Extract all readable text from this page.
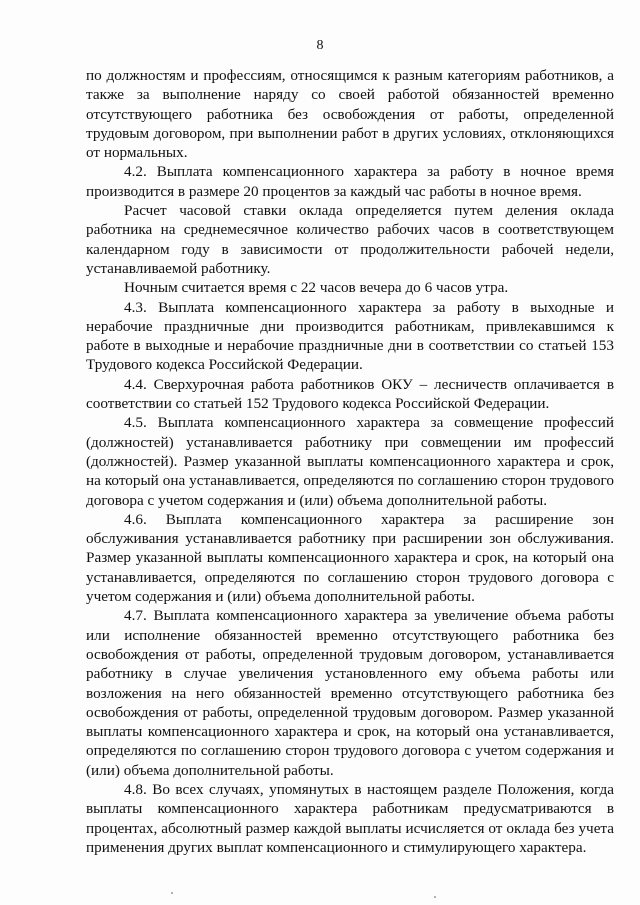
8

по должностям и профессиям, относящимся к разным категориям работников, а также за выполнение наряду со своей работой обязанностей временно отсутствующего работника без освобождения от работы, определенной трудовым договором, при выполнении работ в других условиях, отклоняющихся от нормальных.

4.2. Выплата компенсационного характера за работу в ночное время производится в размере 20 процентов за каждый час работы в ночное время.

Расчет часовой ставки оклада определяется путем деления оклада работника на среднемесячное количество рабочих часов в соответствующем календарном году в зависимости от продолжительности рабочей недели, устанавливаемой работнику.

Ночным считается время с 22 часов вечера до 6 часов утра.

4.3. Выплата компенсационного характера за работу в выходные и нерабочие праздничные дни производится работникам, привлекавшимся к работе в выходные и нерабочие праздничные дни в соответствии со статьей 153 Трудового кодекса Российской Федерации.

4.4. Сверхурочная работа работников ОКУ – лесничеств оплачивается в соответствии со статьей 152 Трудового кодекса Российской Федерации.

4.5. Выплата компенсационного характера за совмещение профессий (должностей) устанавливается работнику при совмещении им профессий (должностей). Размер указанной выплаты компенсационного характера и срок, на который она устанавливается, определяются по соглашению сторон трудового договора с учетом содержания и (или) объема дополнительной работы.

4.6. Выплата компенсационного характера за расширение зон обслуживания устанавливается работнику при расширении зон обслуживания. Размер указанной выплаты компенсационного характера и срок, на который она устанавливается, определяются по соглашению сторон трудового договора с учетом содержания и (или) объема дополнительной работы.

4.7. Выплата компенсационного характера за увеличение объема работы или исполнение обязанностей временно отсутствующего работника без освобождения от работы, определенной трудовым договором, устанавливается работнику в случае увеличения установленного ему объема работы или возложения на него обязанностей временно отсутствующего работника без освобождения от работы, определенной трудовым договором. Размер указанной выплаты компенсационного характера и срок, на который она устанавливается, определяются по соглашению сторон трудового договора с учетом содержания и (или) объема дополнительной работы.

4.8. Во всех случаях, упомянутых в настоящем разделе Положения, когда выплаты компенсационного характера работникам предусматриваются в процентах, абсолютный размер каждой выплаты исчисляется от оклада без учета применения других выплат компенсационного и стимулирующего характера.
